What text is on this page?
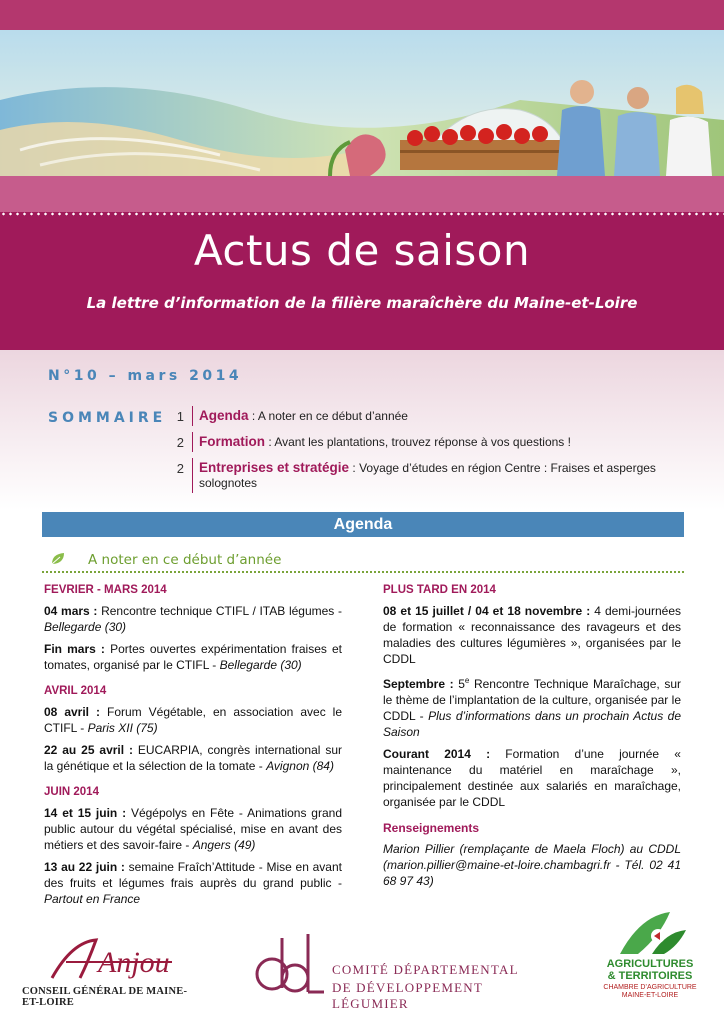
Actus de saison
La lettre d’information de la filière maraîchère du Maine-et-Loire
N°10 – mars 2014
SOMMAIRE 1	Agenda : A noter en ce début d’année
2	Formation : Avant les plantations, trouvez réponse à vos questions !
2	Entreprises et stratégie : Voyage d’études en région Centre : Fraises et asperges solognotes
Agenda
A noter en ce début d’année
FEVRIER - MARS 2014
04 mars : Rencontre technique CTIFL / ITAB légumes - Bellegarde (30)
Fin mars : Portes ouvertes expérimentation fraises et tomates, organisé par le CTIFL - Bellegarde (30)
AVRIL 2014
08 avril : Forum Végétable, en association avec le CTIFL - Paris XII (75)
22 au 25 avril : EUCARPIA, congrès international sur la génétique et la sélection de la tomate - Avignon (84)
JUIN 2014
14 et 15 juin : Végépolys en Fête - Animations grand public autour du végétal spécialisé, mise en avant des métiers et des savoir-faire - Angers (49)
13 au 22 juin : semaine Fraîch’Attitude - Mise en avant des fruits et légumes frais auprès du grand public - Partout en France
PLUS TARD EN 2014
08 et 15 juillet / 04 et 18 novembre : 4 demi-journées de formation « reconnaissance des ravageurs et des maladies des cultures légumières », organisées par le CDDL
Septembre : 5e Rencontre Technique Maraîchage, sur le thème de l’implantation de la culture, organisée par le CDDL - Plus d’informations dans un prochain Actus de Saison
Courant 2014 : Formation d’une journée « maintenance du matériel en maraîchage », principalement destinée aux salariés en maraîchage, organisée par le CDDL
Renseignements
Marion Pillier (remplaçante de Maela Floch) au CDDL (marion.pillier@maine-et-loire.chambagri.fr - Tél. 02 41 68 97 43)
Anjou
CONSEIL GÉNÉRAL DE MAINE-ET-LOIRE
COMITÉ DÉPARTEMENTAL
DE DÉVELOPPEMENT LÉGUMIER
AGRICULTURES
& TERRITOIRES
CHAMBRE D’AGRICULTURE
MAINE-ET-LOIRE
